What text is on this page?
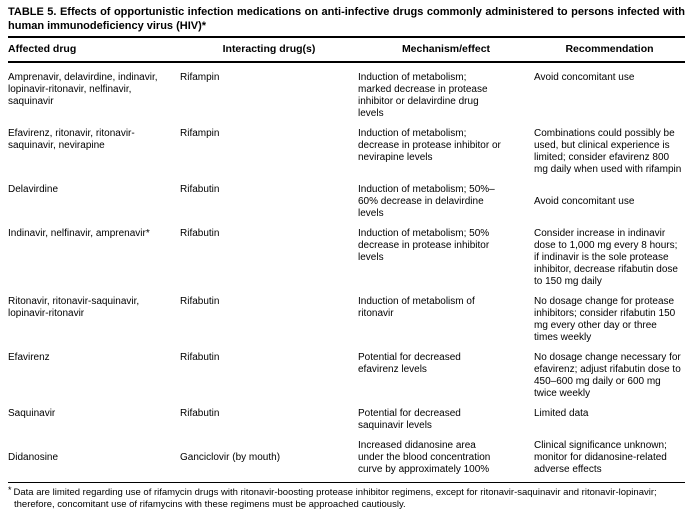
TABLE 5. Effects of opportunistic infection medications on anti-infective drugs commonly administered to persons infected with human immunodeficiency virus (HIV)*
Affected drug	Interacting drug(s)	Mechanism/effect	Recommendation
Amprenavir, delavirdine, indinavir, lopinavir-ritonavir, nelfinavir, saquinavir	Rifampin	Induction of metabolism; marked decrease in protease inhibitor or delavirdine drug levels	Avoid concomitant use
Efavirenz, ritonavir, ritonavir-saquinavir, nevirapine	Rifampin	Induction of metabolism; decrease in protease inhibitor or nevirapine levels	Combinations could possibly be used, but clinical experience is limited; consider efavirenz 800 mg daily when used with rifampin
Delavirdine	Rifabutin	Induction of metabolism; 50%–60% decrease in delavirdine levels	Avoid concomitant use
Indinavir, nelfinavir, amprenavir*	Rifabutin	Induction of metabolism; 50% decrease in protease inhibitor levels	Consider increase in indinavir dose to 1,000 mg every 8 hours; if indinavir is the sole protease inhibitor, decrease rifabutin dose to 150 mg daily
Ritonavir, ritonavir-saquinavir, lopinavir-ritonavir	Rifabutin	Induction of metabolism of ritonavir	No dosage change for protease inhibitors; consider rifabutin 150 mg every other day or three times weekly
Efavirenz	Rifabutin	Potential for decreased efavirenz levels	No dosage change necessary for efavirenz; adjust rifabutin dose to 450–600 mg daily or 600 mg twice weekly
Saquinavir	Rifabutin	Potential for decreased saquinavir levels	Limited data
Didanosine	Ganciclovir (by mouth)	Increased didanosine area under the blood concentration curve by approximately 100%	Clinical significance unknown; monitor for didanosine-related adverse effects
* Data are limited regarding use of rifamycin drugs with ritonavir-boosting protease inhibitor regimens, except for ritonavir-saquinavir and ritonavir-lopinavir; therefore, concomitant use of rifamycins with these regimens must be approached cautiously.
